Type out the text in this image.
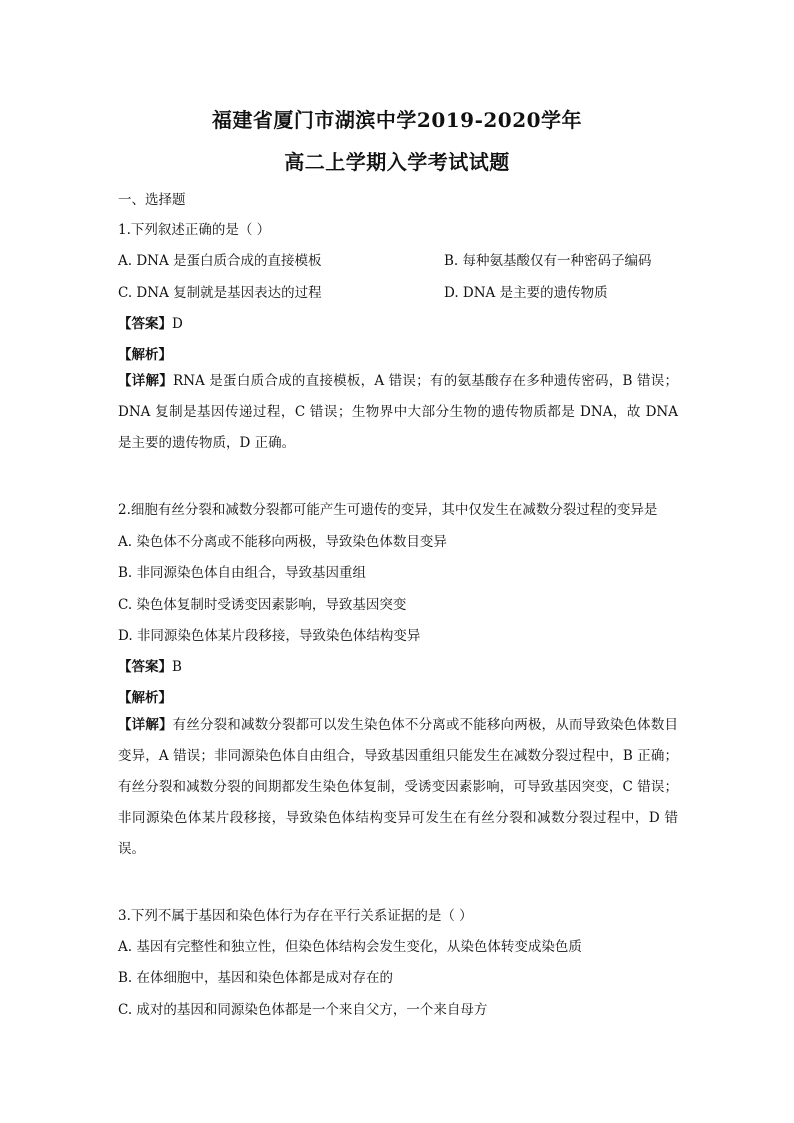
福建省厦门市湖滨中学2019-2020学年
高二上学期入学考试试题
一、选择题
1.下列叙述正确的是（ ）
A. DNA 是蛋白质合成的直接模板	B. 每种氨基酸仅有一种密码子编码
C. DNA 复制就是基因表达的过程	D. DNA 是主要的遗传物质
【答案】D
【解析】
【详解】RNA 是蛋白质合成的直接模板，A 错误；有的氨基酸存在多种遗传密码，B 错误；DNA 复制是基因传递过程，C 错误；生物界中大部分生物的遗传物质都是 DNA，故 DNA 是主要的遗传物质，D 正确。
2.细胞有丝分裂和减数分裂都可能产生可遗传的变异，其中仅发生在减数分裂过程的变异是
A. 染色体不分离或不能移向两极，导致染色体数目变异
B. 非同源染色体自由组合，导致基因重组
C. 染色体复制时受诱变因素影响，导致基因突变
D. 非同源染色体某片段移接，导致染色体结构变异
【答案】B
【解析】
【详解】有丝分裂和减数分裂都可以发生染色体不分离或不能移向两极，从而导致染色体数目变异，A 错误；非同源染色体自由组合，导致基因重组只能发生在减数分裂过程中，B 正确；有丝分裂和减数分裂的间期都发生染色体复制，受诱变因素影响，可导致基因突变，C 错误；非同源染色体某片段移接，导致染色体结构变异可发生在有丝分裂和减数分裂过程中，D 错误。
3.下列不属于基因和染色体行为存在平行关系证据的是（ ）
A. 基因有完整性和独立性，但染色体结构会发生变化，从染色体转变成染色质
B. 在体细胞中，基因和染色体都是成对存在的
C. 成对的基因和同源染色体都是一个来自父方，一个来自母方
